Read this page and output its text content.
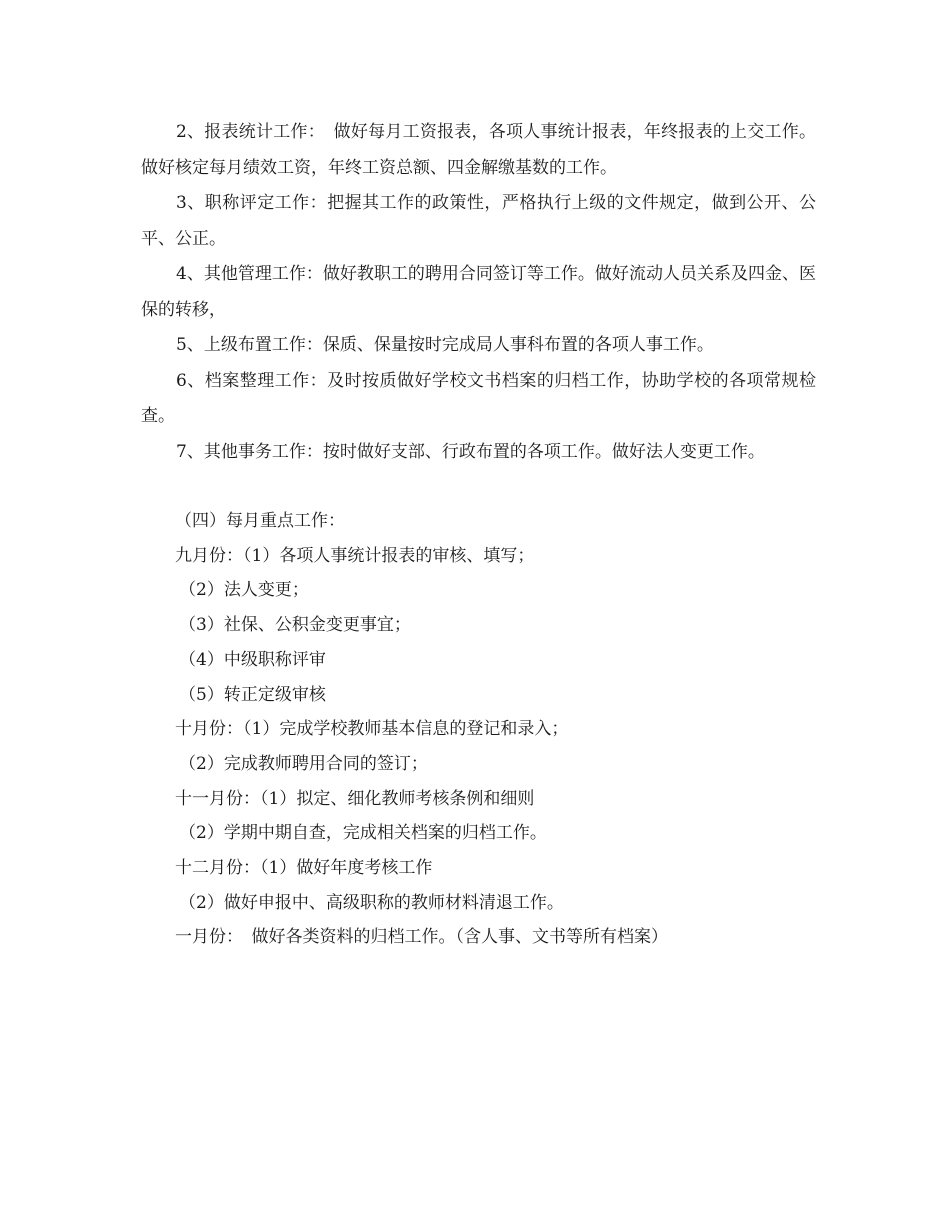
2、报表统计工作：　做好每月工资报表，各项人事统计报表，年终报表的上交工作。做好核定每月绩效工资，年终工资总额、四金解缴基数的工作。

3、职称评定工作：把握其工作的政策性，严格执行上级的文件规定，做到公开、公平、公正。

4、其他管理工作：做好教职工的聘用合同签订等工作。做好流动人员关系及四金、医保的转移，

5、上级布置工作：保质、保量按时完成局人事科布置的各项人事工作。

6、档案整理工作：及时按质做好学校文书档案的归档工作，协助学校的各项常规检查。

7、其他事务工作：按时做好支部、行政布置的各项工作。做好法人变更工作。

（四）每月重点工作：

九月份：（1）各项人事统计报表的审核、填写；

（2）法人变更；

（3）社保、公积金变更事宜；

（4）中级职称评审

（5）转正定级审核

十月份：（1）完成学校教师基本信息的登记和录入；

（2）完成教师聘用合同的签订；

十一月份：（1）拟定、细化教师考核条例和细则

（2）学期中期自查，完成相关档案的归档工作。

十二月份：（1）做好年度考核工作

（2）做好申报中、高级职称的教师材料清退工作。

一月份：　做好各类资料的归档工作。（含人事、文书等所有档案）
